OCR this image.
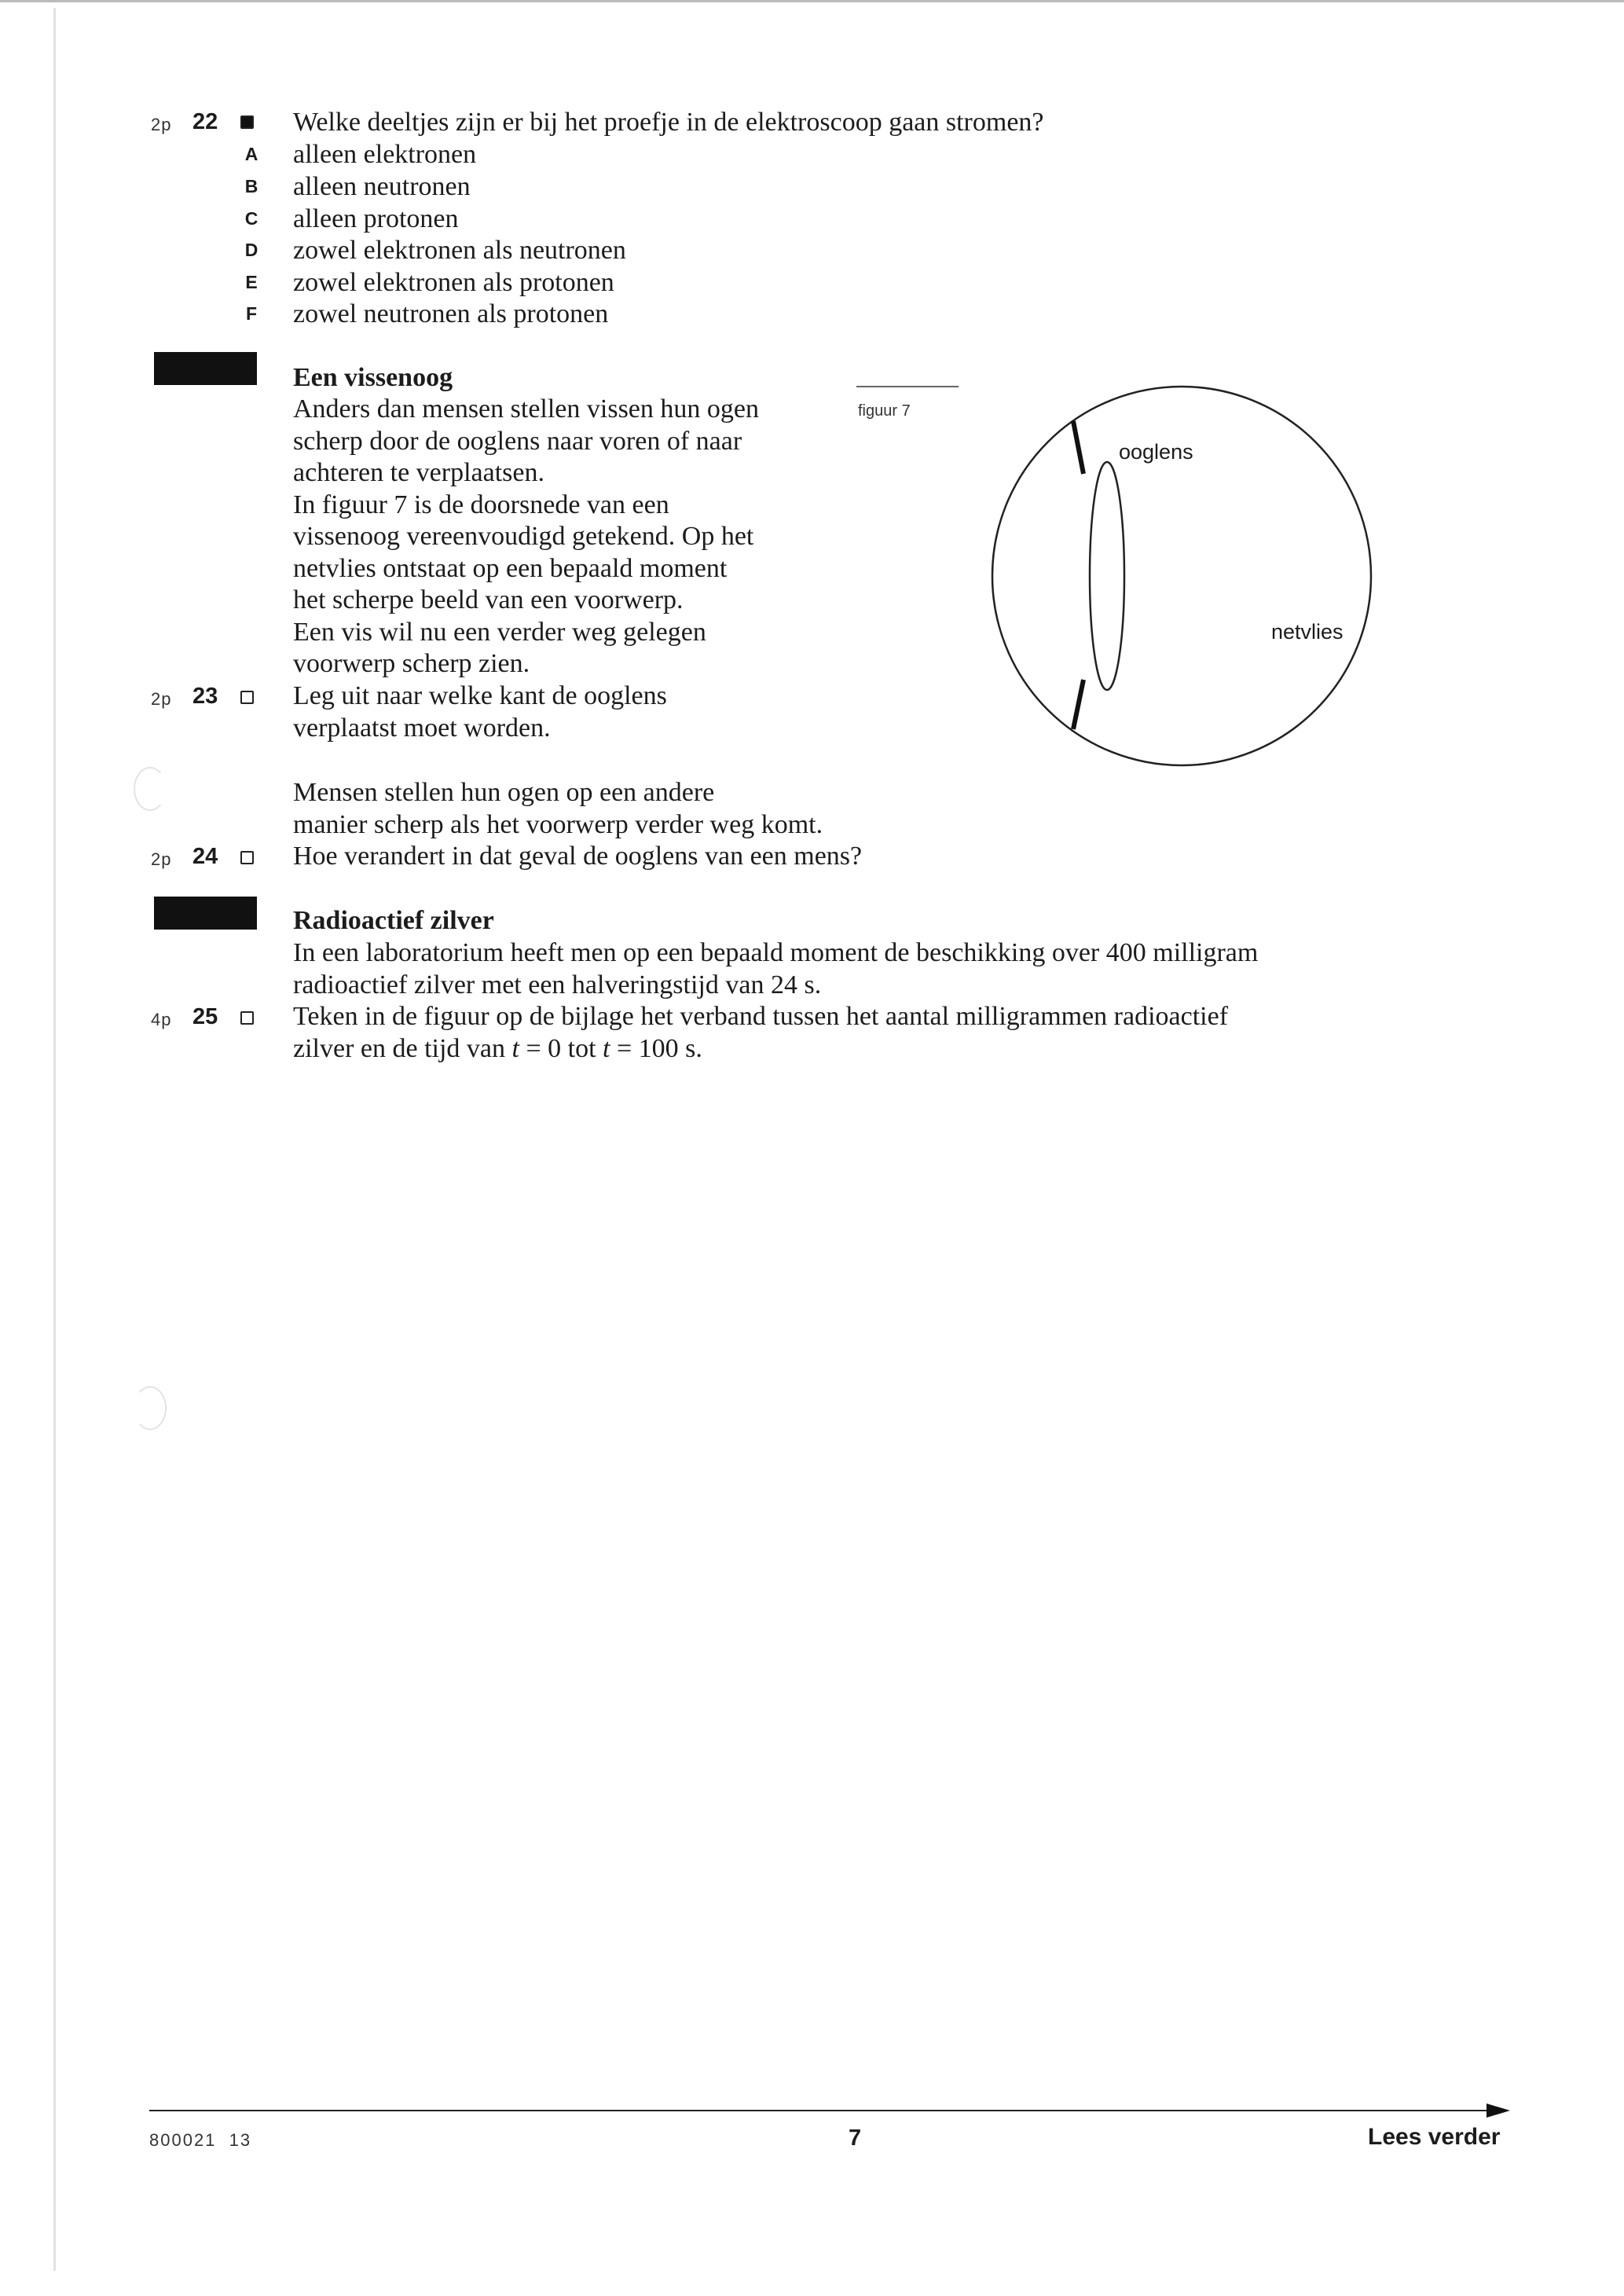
2p 22	Welke deeltjes zijn er bij het proefje in de elektroscoop gaan stromen?
A alleen elektronen
B alleen neutronen
C alleen protonen
D zowel elektronen als neutronen
E zowel elektronen als protonen
F zowel neutronen als protonen
Een vissenoog
Anders dan mensen stellen vissen hun ogen
scherp door de ooglens naar voren of naar
achteren te verplaatsen.
In figuur 7 is de doorsnede van een
vissenoog vereenvoudigd getekend. Op het
netvlies ontstaat op een bepaald moment
het scherpe beeld van een voorwerp.
Een vis wil nu een verder weg gelegen
voorwerp scherp zien.
figuur 7
ooglens
netvlies
2p 23	Leg uit naar welke kant de ooglens
verplaatst moet worden.
Mensen stellen hun ogen op een andere
manier scherp als het voorwerp verder weg komt.
2p 24	Hoe verandert in dat geval de ooglens van een mens?
Radioactief zilver
In een laboratorium heeft men op een bepaald moment de beschikking over 400 milligram
radioactief zilver met een halveringstijd van 24 s.
4p 25	Teken in de figuur op de bijlage het verband tussen het aantal milligrammen radioactief
zilver en de tijd van t = 0 tot t = 100 s.
800021  13	7	Lees verder
